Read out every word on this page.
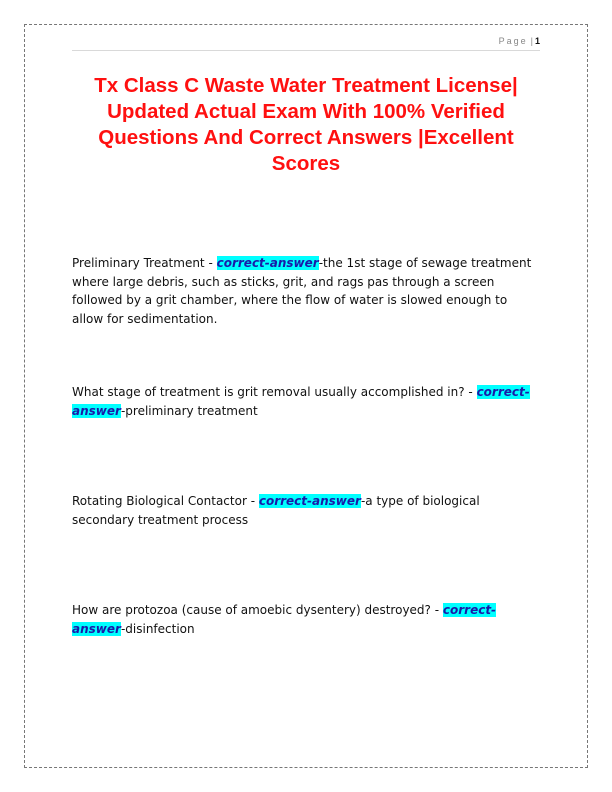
Page |1
Tx Class C Waste Water Treatment License|
Updated Actual Exam With 100% Verified
Questions And Correct Answers |Excellent
Scores

Preliminary Treatment - correct-answer-the 1st stage of sewage treatment where large debris, such as sticks, grit, and rags pas through a screen followed by a grit chamber, where the flow of water is slowed enough to allow for sedimentation.

What stage of treatment is grit removal usually accomplished in? - correct-answer-preliminary treatment

Rotating Biological Contactor - correct-answer-a type of biological secondary treatment process

How are protozoa (cause of amoebic dysentery) destroyed? - correct-answer-disinfection
